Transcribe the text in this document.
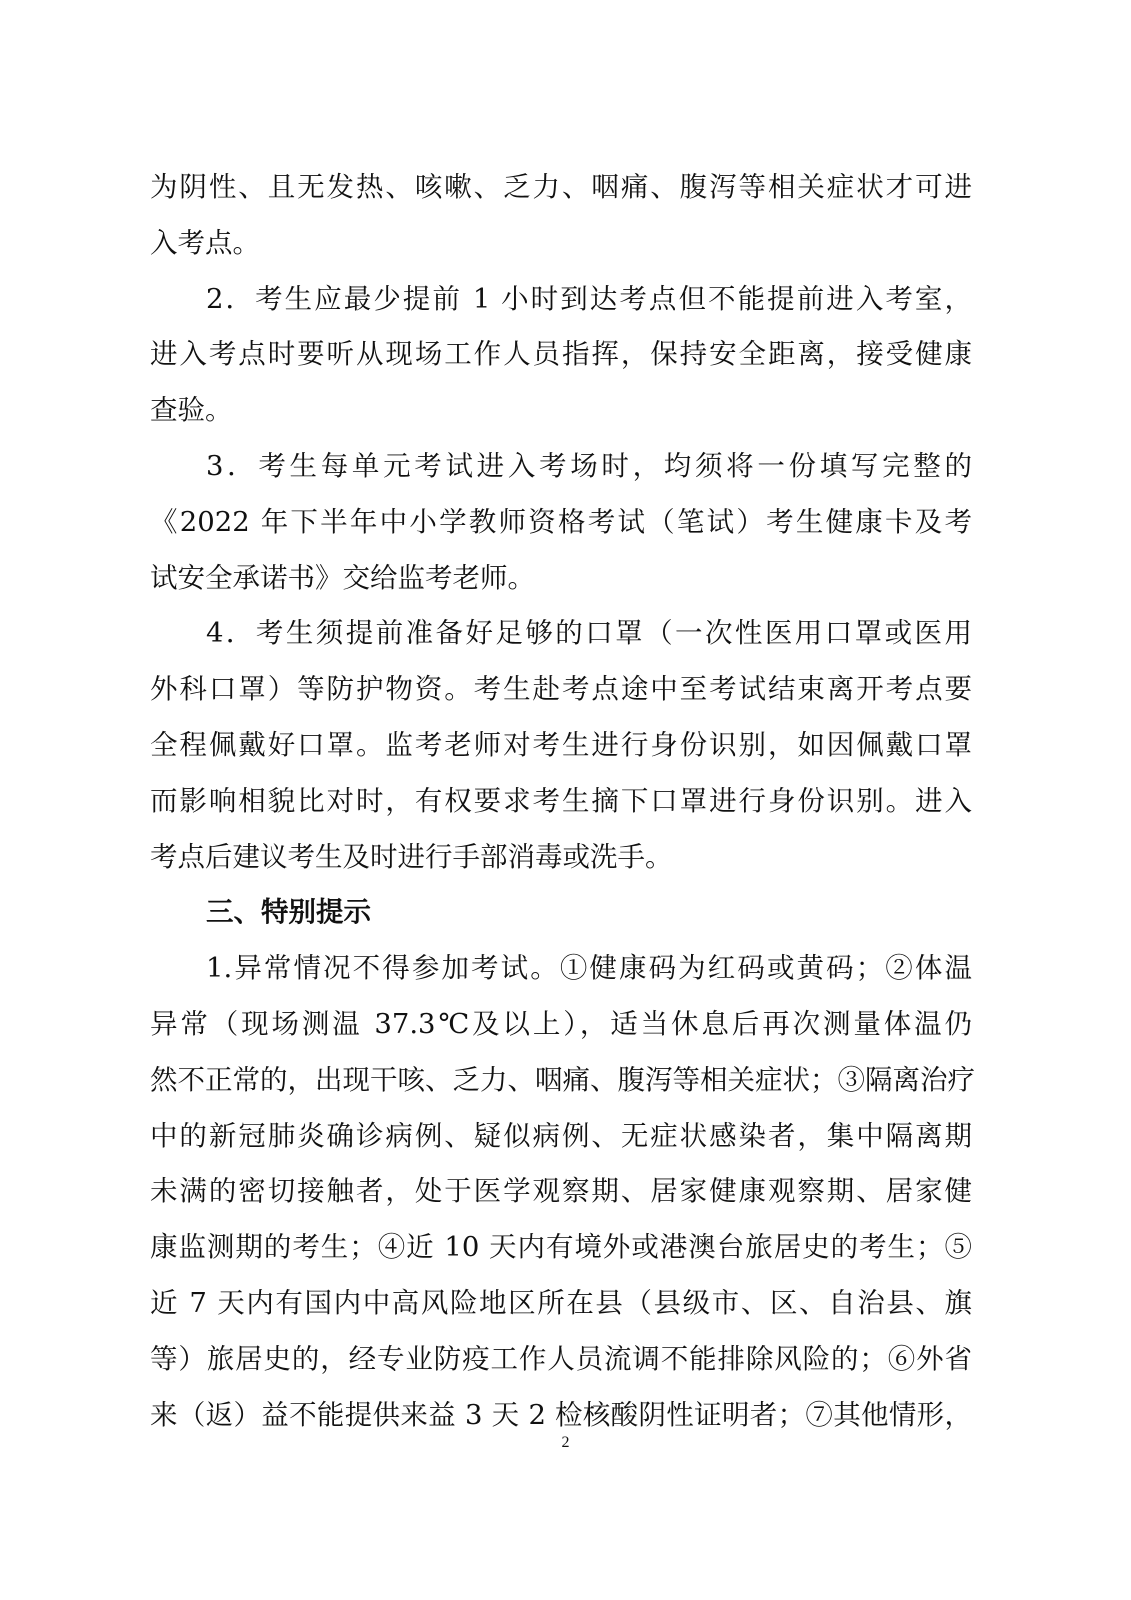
为阴性、且无发热、咳嗽、乏力、咽痛、腹泻等相关症状才可进
入考点。
2．考生应最少提前 1 小时到达考点但不能提前进入考室，
进入考点时要听从现场工作人员指挥，保持安全距离，接受健康
查验。
3．考生每单元考试进入考场时，均须将一份填写完整的
《2022 年下半年中小学教师资格考试（笔试）考生健康卡及考
试安全承诺书》交给监考老师。
4．考生须提前准备好足够的口罩（一次性医用口罩或医用
外科口罩）等防护物资。考生赴考点途中至考试结束离开考点要
全程佩戴好口罩。监考老师对考生进行身份识别，如因佩戴口罩
而影响相貌比对时，有权要求考生摘下口罩进行身份识别。进入
考点后建议考生及时进行手部消毒或洗手。
三、特别提示
1.异常情况不得参加考试。①健康码为红码或黄码；②体温
异常（现场测温 37.3℃及以上），适当休息后再次测量体温仍
然不正常的，出现干咳、乏力、咽痛、腹泻等相关症状；③隔离治疗
中的新冠肺炎确诊病例、疑似病例、无症状感染者，集中隔离期
未满的密切接触者，处于医学观察期、居家健康观察期、居家健
康监测期的考生；④近 10 天内有境外或港澳台旅居史的考生；⑤
近 7 天内有国内中高风险地区所在县（县级市、区、自治县、旗
等）旅居史的，经专业防疫工作人员流调不能排除风险的；⑥外省
来（返）益不能提供来益 3 天 2 检核酸阴性证明者；⑦其他情形，
2
